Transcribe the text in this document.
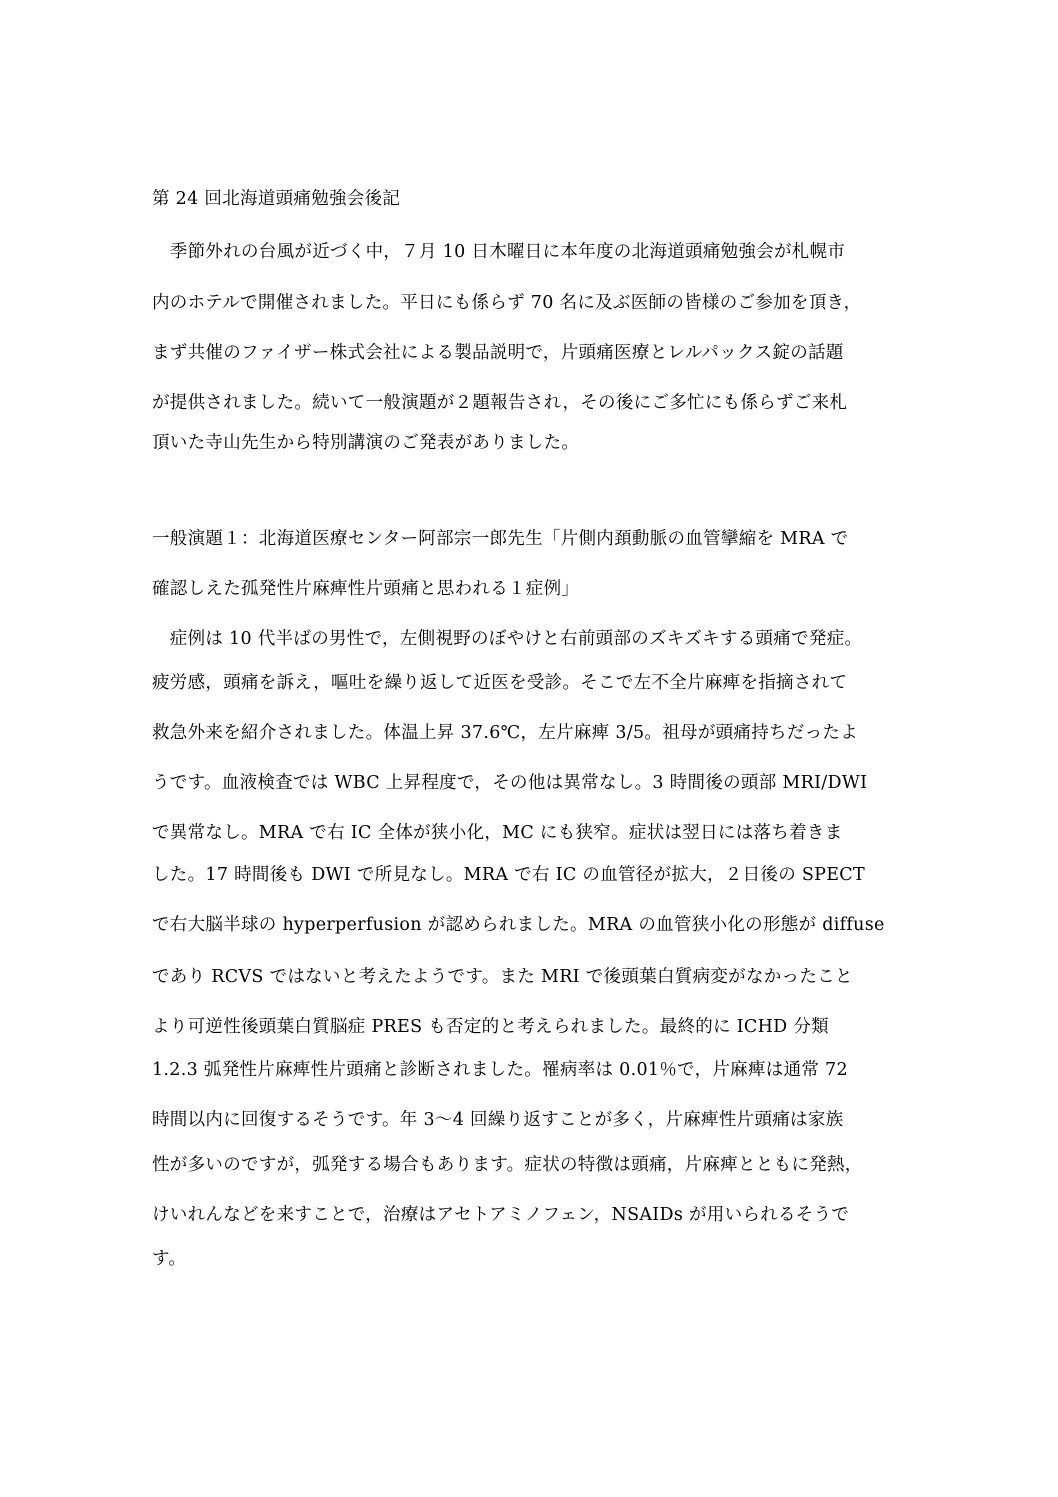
第 24 回北海道頭痛勉強会後記
　季節外れの台風が近づく中，７月 10 日木曜日に本年度の北海道頭痛勉強会が札幌市
内のホテルで開催されました。平日にも係らず 70 名に及ぶ医師の皆様のご参加を頂き，
まず共催のファイザー株式会社による製品説明で，片頭痛医療とレルパックス錠の話題
が提供されました。続いて一般演題が２題報告され，その後にご多忙にも係らずご来札
頂いた寺山先生から特別講演のご発表がありました。
一般演題１：北海道医療センター阿部宗一郎先生「片側内頚動脈の血管攣縮を MRA で
確認しえた孤発性片麻痺性片頭痛と思われる１症例」
　症例は 10 代半ばの男性で，左側視野のぼやけと右前頭部のズキズキする頭痛で発症。
疲労感，頭痛を訴え，嘔吐を繰り返して近医を受診。そこで左不全片麻痺を指摘されて
救急外来を紹介されました。体温上昇 37.6℃，左片麻痺 3/5。祖母が頭痛持ちだったよ
うです。血液検査では WBC 上昇程度で，その他は異常なし。3 時間後の頭部 MRI/DWI
で異常なし。MRA で右 IC 全体が狭小化，MC にも狭窄。症状は翌日には落ち着きま
した。17 時間後も DWI で所見なし。MRA で右 IC の血管径が拡大，２日後の SPECT
で右大脳半球の hyperperfusion が認められました。MRA の血管狭小化の形態が diffuse
であり RCVS ではないと考えたようです。また MRI で後頭葉白質病変がなかったこと
より可逆性後頭葉白質脳症 PRES も否定的と考えられました。最終的に ICHD 分類
1.2.3 弧発性片麻痺性片頭痛と診断されました。罹病率は 0.01％で，片麻痺は通常 72
時間以内に回復するそうです。年 3～4 回繰り返すことが多く，片麻痺性片頭痛は家族
性が多いのですが，弧発する場合もあります。症状の特徴は頭痛，片麻痺とともに発熱，
けいれんなどを来すことで，治療はアセトアミノフェン，NSAIDs が用いられるそうで
す。
